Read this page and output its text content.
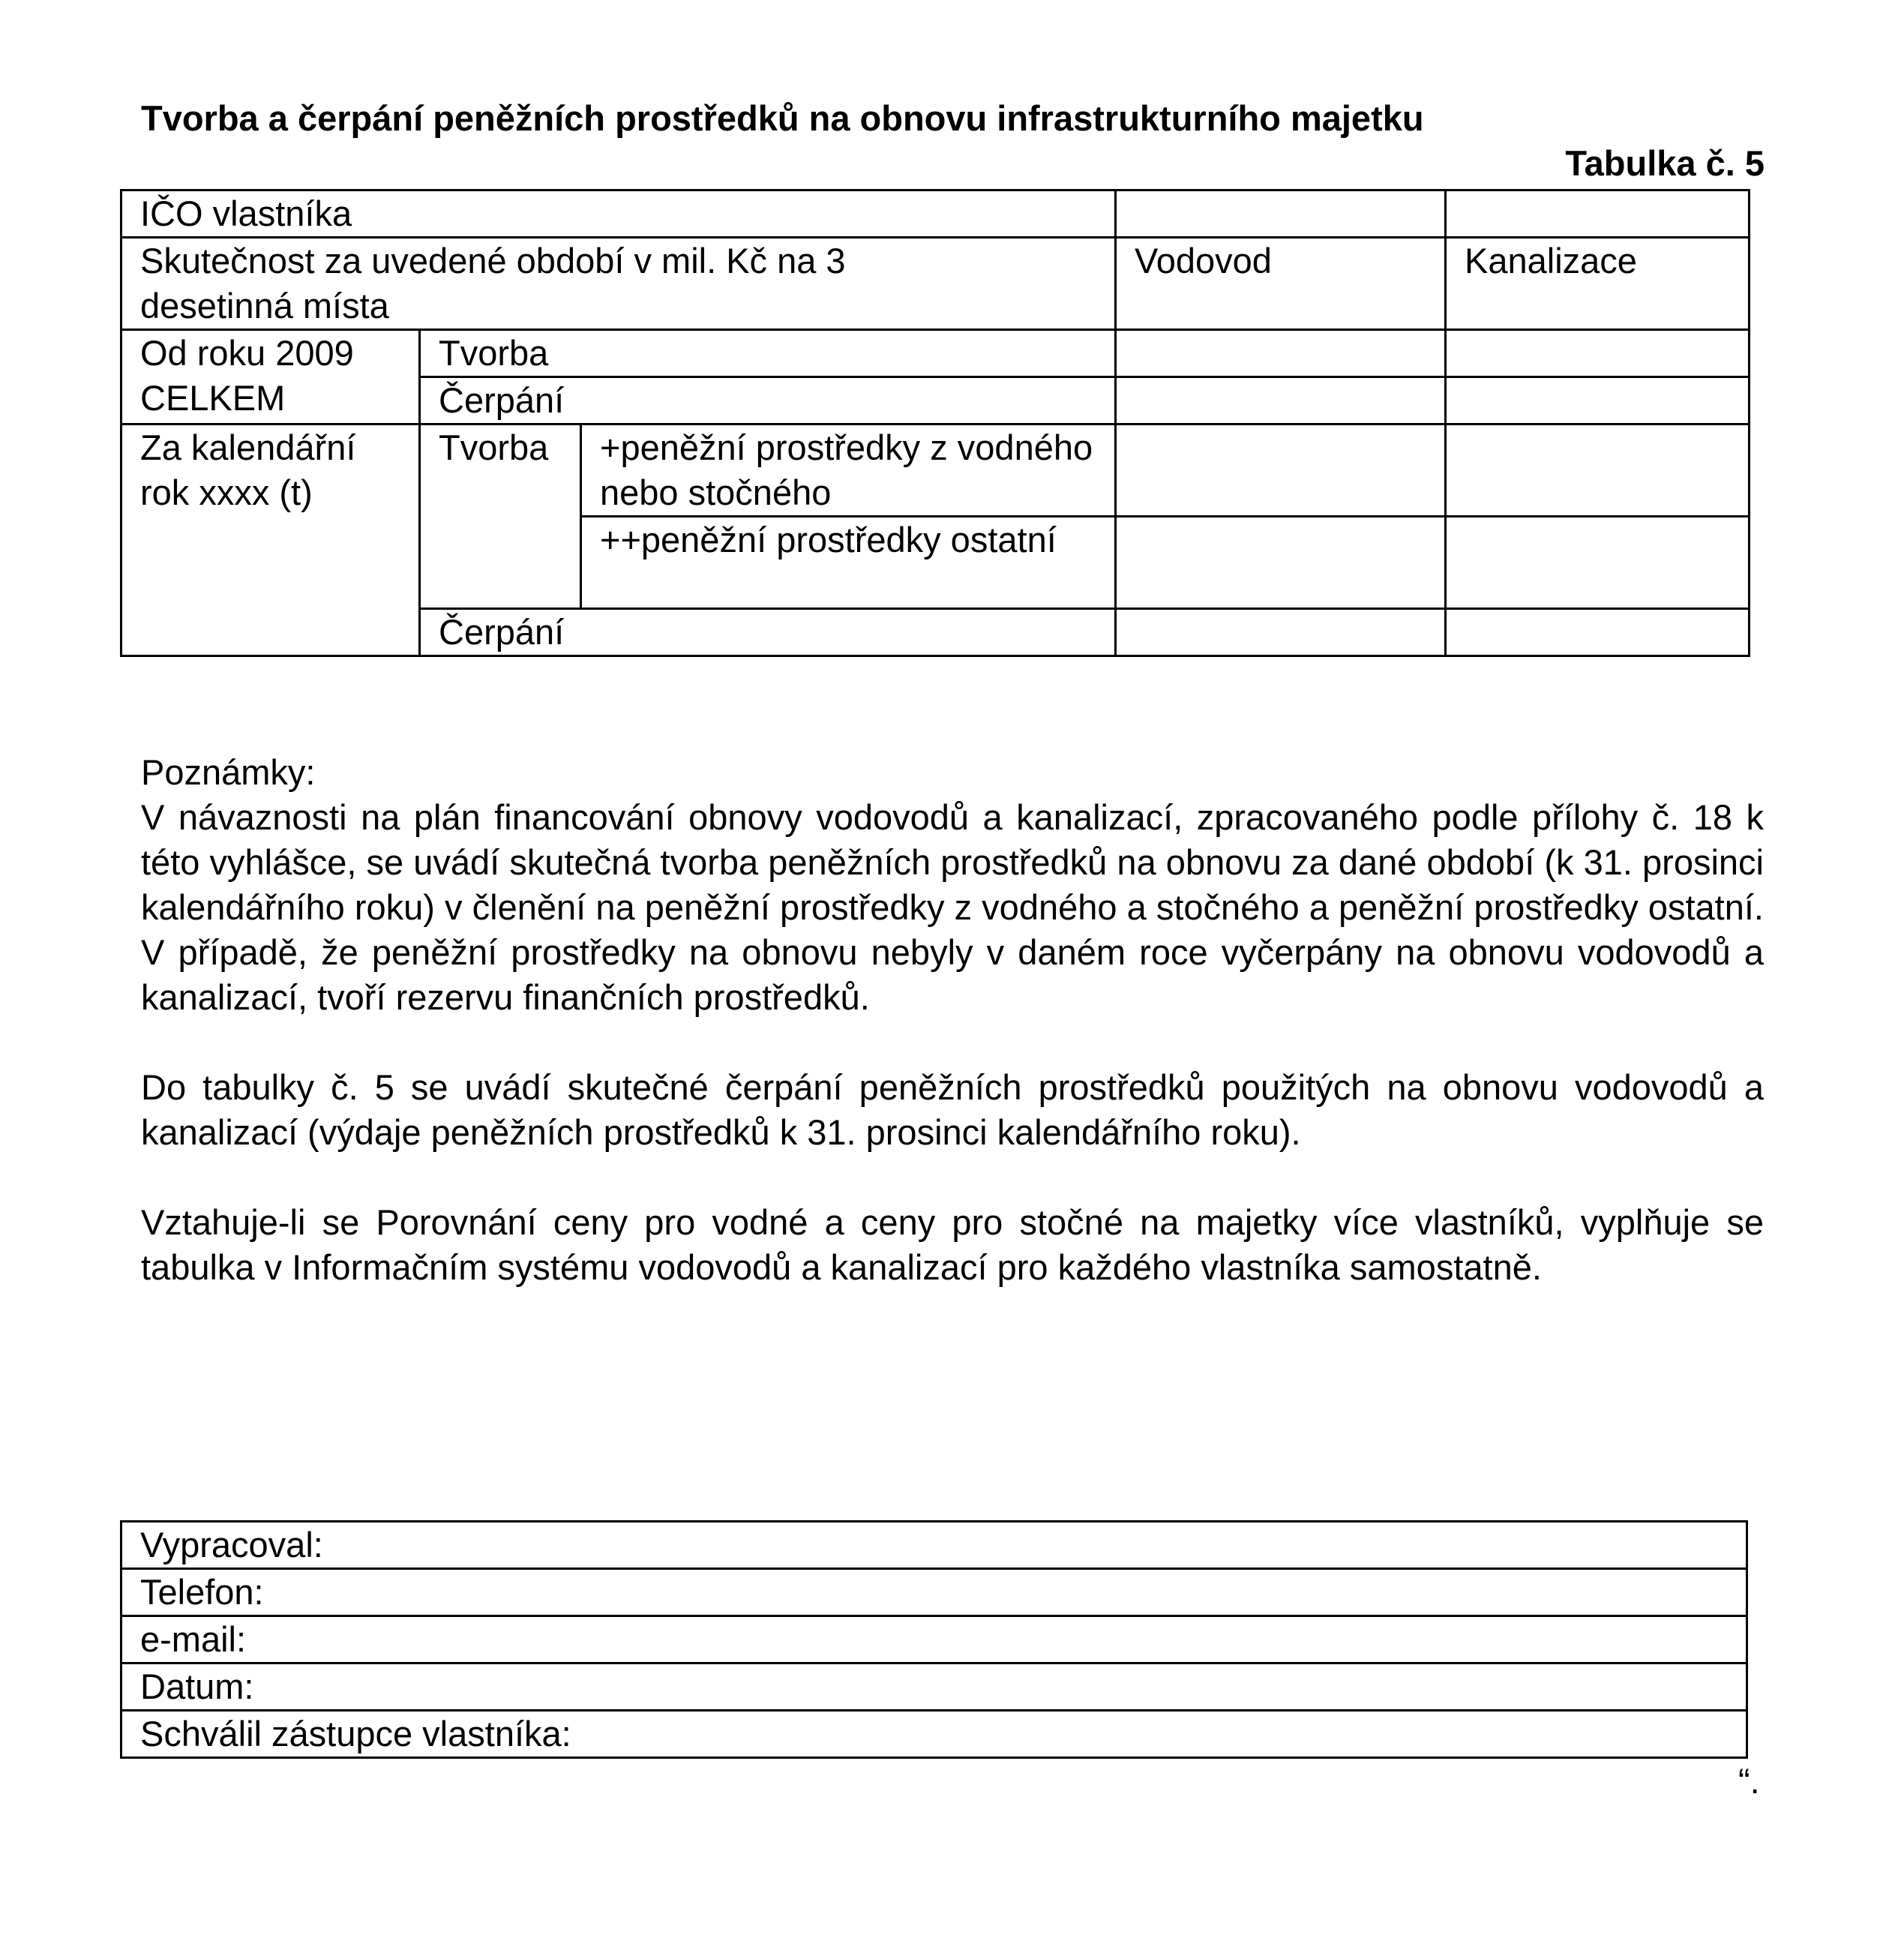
Tvorba a čerpání peněžních prostředků na obnovu infrastrukturního majetku
Tabulka č. 5
IČO vlastníka				
Skutečnost za uvedené období v mil. Kč na 3 desetinná místa			Vodovod	Kanalizace
Od roku 2009 CELKEM	Tvorba			
	Čerpání			
Za kalendářní rok xxxx (t)	Tvorba	+peněžní prostředky z vodného nebo stočného		
		++peněžní prostředky ostatní		
	Čerpání			

Poznámky:

V návaznosti na plán financování obnovy vodovodů a kanalizací, zpracovaného podle přílohy č. 18 k této vyhlášce, se uvádí skutečná tvorba peněžních prostředků na obnovu za dané období (k 31. prosinci kalendářního roku) v členění na peněžní prostředky z vodného a stočného a peněžní prostředky ostatní. V případě, že peněžní prostředky na obnovu nebyly v daném roce vyčerpány na obnovu vodovodů a kanalizací, tvoří rezervu finančních prostředků.

Do tabulky č. 5 se uvádí skutečné čerpání peněžních prostředků použitých na obnovu vodovodů a kanalizací (výdaje peněžních prostředků k 31. prosinci kalendářního roku).

Vztahuje-li se Porovnání ceny pro vodné a ceny pro stočné na majetky více vlastníků, vyplňuje se tabulka v Informačním systému vodovodů a kanalizací pro každého vlastníka samostatně.

Vypracoval:
Telefon:
e-mail:
Datum:
Schválil zástupce vlastníka:
“.
